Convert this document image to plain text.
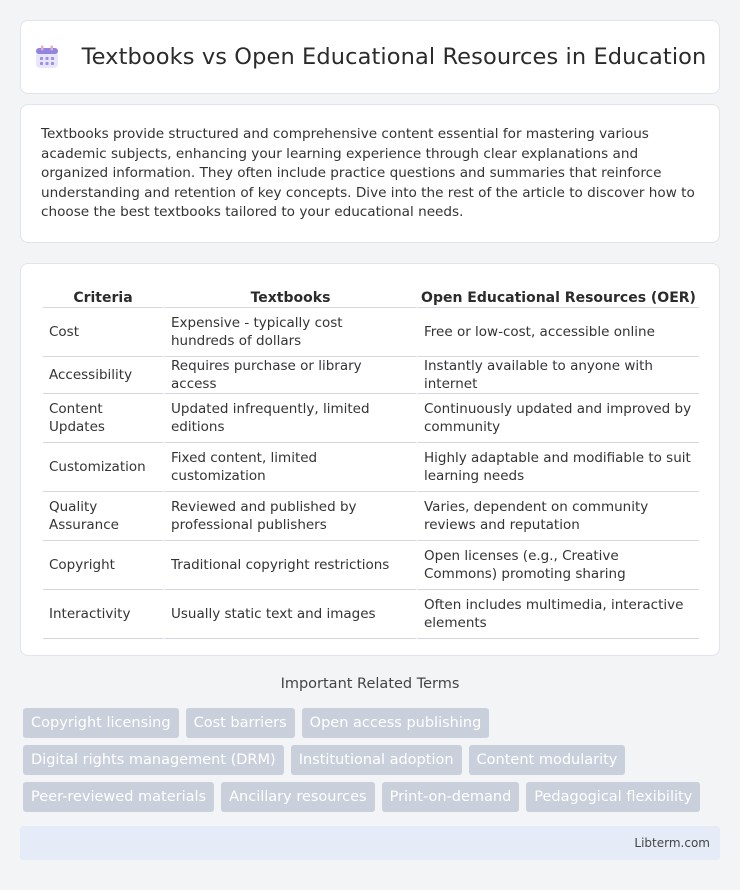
Textbooks vs Open Educational Resources in Education

Textbooks provide structured and comprehensive content essential for mastering various academic subjects, enhancing your learning experience through clear explanations and organized information. They often include practice questions and summaries that reinforce understanding and retention of key concepts. Dive into the rest of the article to discover how to choose the best textbooks tailored to your educational needs.

Criteria	Textbooks	Open Educational Resources (OER)
Cost	Expensive - typically cost hundreds of dollars	Free or low-cost, accessible online
Accessibility	Requires purchase or library access	Instantly available to anyone with internet
Content Updates	Updated infrequently, limited editions	Continuously updated and improved by community
Customization	Fixed content, limited customization	Highly adaptable and modifiable to suit learning needs
Quality Assurance	Reviewed and published by professional publishers	Varies, dependent on community reviews and reputation
Copyright	Traditional copyright restrictions	Open licenses (e.g., Creative Commons) promoting sharing
Interactivity	Usually static text and images	Often includes multimedia, interactive elements
Important Related Terms
Copyright licensing	Cost barriers	Open access publishing
Digital rights management (DRM)	Institutional adoption	Content modularity
Peer-reviewed materials	Ancillary resources	Print-on-demand	Pedagogical flexibility
Libterm.com
